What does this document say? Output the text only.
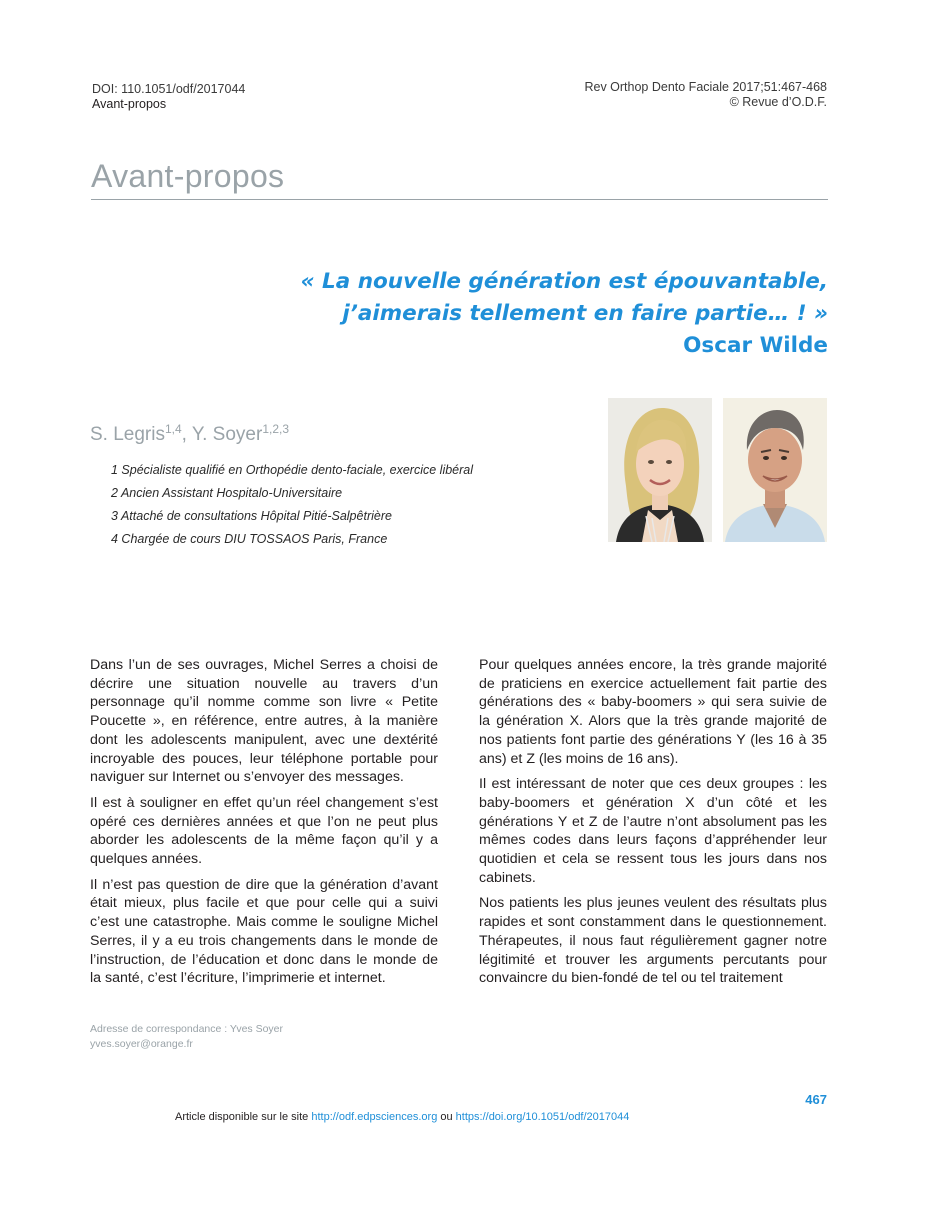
DOI: 110.1051/odf/2017044
Avant-propos
Rev Orthop Dento Faciale 2017;51:467-468
© Revue d’O.D.F.
Avant-propos
« La nouvelle génération est épouvantable,
j’aimerais tellement en faire partie… ! »
Oscar Wilde
S. Legris$^{1,4}$, Y. Soyer$^{1,2,3}$
1 Spécialiste qualifié en Orthopédie dento-faciale, exercice libéral
2 Ancien Assistant Hospitalo-Universitaire
3 Attaché de consultations Hôpital Pitié-Salpêtrière
4 Chargée de cours DIU TOSSAOS Paris, France

Dans l’un de ses ouvrages, Michel Serres a choisi de décrire une situation nouvelle au travers d’un personnage qu’il nomme comme son livre « Petite Poucette », en référence, entre autres, à la manière dont les adolescents manipulent, avec une dextérité incroyable des pouces, leur téléphone portable pour naviguer sur Internet ou s’envoyer des messages.

Il est à souligner en effet qu’un réel changement s’est opéré ces dernières années et que l’on ne peut plus aborder les adolescents de la même façon qu’il y a quelques années.

Il n’est pas question de dire que la génération d’avant était mieux, plus facile et que pour celle qui a suivi c’est une catastrophe. Mais comme le souligne Michel Serres, il y a eu trois changements dans le monde de l’instruction, de l’éducation et donc dans le monde de la santé, c’est l’écriture, l’imprimerie et internet.

Pour quelques années encore, la très grande majorité de praticiens en exercice actuellement fait partie des générations des « baby-boomers » qui sera suivie de la génération X. Alors que la très grande majorité de nos patients font partie des générations Y (les 16 à 35 ans) et Z (les moins de 16 ans).

Il est intéressant de noter que ces deux groupes : les baby-boomers et génération X d’un côté et les générations Y et Z de l’autre n’ont absolument pas les mêmes codes dans leurs façons d’appréhender leur quotidien et cela se ressent tous les jours dans nos cabinets.

Nos patients les plus jeunes veulent des résultats plus rapides et sont constamment dans le questionnement. Thérapeutes, il nous faut régulièrement gagner notre légitimité et trouver les arguments percutants pour convaincre du bien-fondé de tel ou tel traitement

Adresse de correspondance : Yves Soyer
yves.soyer@orange.fr
467
Article disponible sur le site http://odf.edpsciences.org ou https://doi.org/10.1051/odf/2017044
